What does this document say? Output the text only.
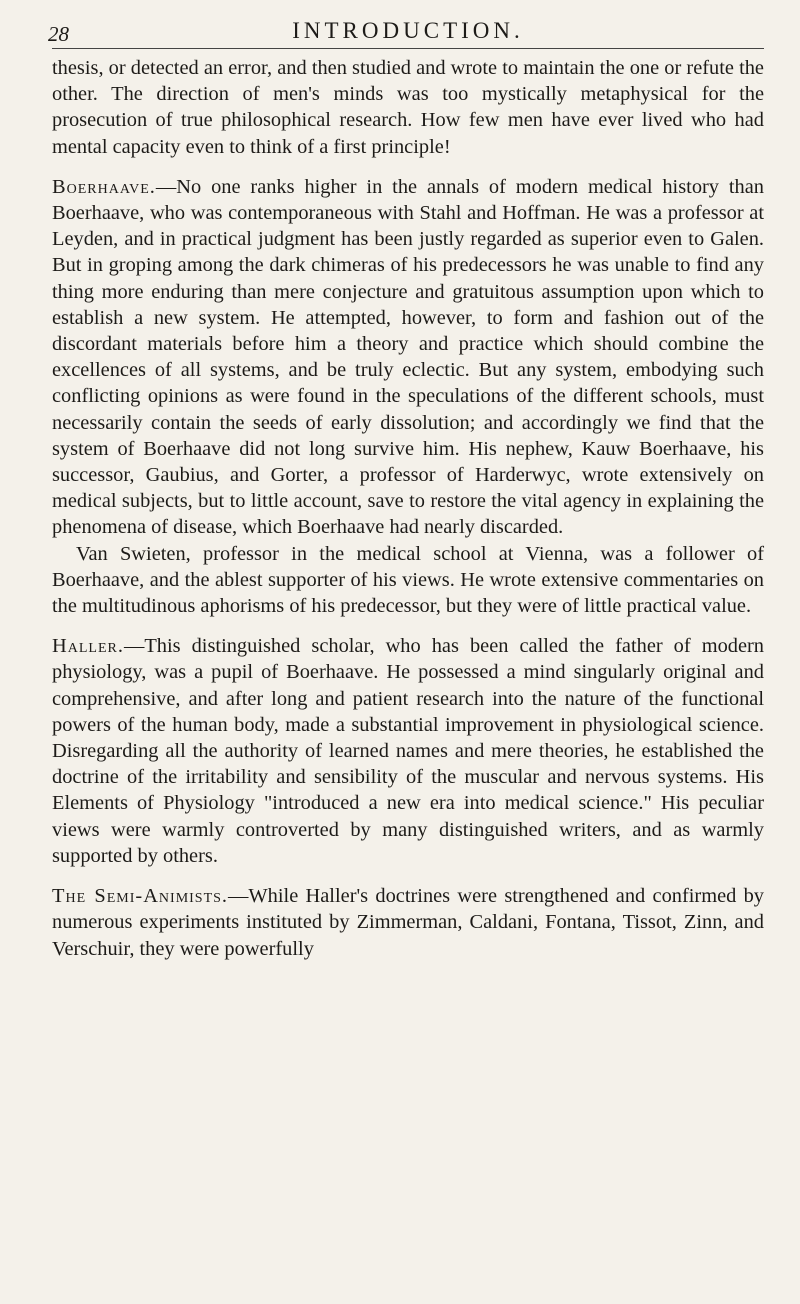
28	INTRODUCTION.

thesis, or detected an error, and then studied and wrote to maintain the one or refute the other. The direction of men's minds was too mystically metaphysical for the prosecution of true philosophical research. How few men have ever lived who had mental capacity even to think of a first principle!

Boerhaave.—No one ranks higher in the annals of modern medical history than Boerhaave, who was contemporaneous with Stahl and Hoffman. He was a professor at Leyden, and in practical judgment has been justly regarded as superior even to Galen. But in groping among the dark chimeras of his predecessors he was unable to find any thing more enduring than mere conjecture and gratuitous assumption upon which to establish a new system. He attempted, however, to form and fashion out of the discordant materials before him a theory and practice which should combine the excellences of all systems, and be truly eclectic. But any system, embodying such conflicting opinions as were found in the speculations of the different schools, must necessarily contain the seeds of early dissolution; and accordingly we find that the system of Boerhaave did not long survive him. His nephew, Kauw Boerhaave, his successor, Gaubius, and Gorter, a professor of Harderwyc, wrote extensively on medical subjects, but to little account, save to restore the vital agency in explaining the phenomena of disease, which Boerhaave had nearly discarded.

Van Swieten, professor in the medical school at Vienna, was a follower of Boerhaave, and the ablest supporter of his views. He wrote extensive commentaries on the multitudinous aphorisms of his predecessor, but they were of little practical value.

Haller.—This distinguished scholar, who has been called the father of modern physiology, was a pupil of Boerhaave. He possessed a mind singularly original and comprehensive, and after long and patient research into the nature of the functional powers of the human body, made a substantial improvement in physiological science. Disregarding all the authority of learned names and mere theories, he established the doctrine of the irritability and sensibility of the muscular and nervous systems. His Elements of Physiology "introduced a new era into medical science." His peculiar views were warmly controverted by many distinguished writers, and as warmly supported by others.

The Semi-Animists.—While Haller's doctrines were strengthened and confirmed by numerous experiments instituted by Zimmerman, Caldani, Fontana, Tissot, Zinn, and Verschuir, they were powerfully
